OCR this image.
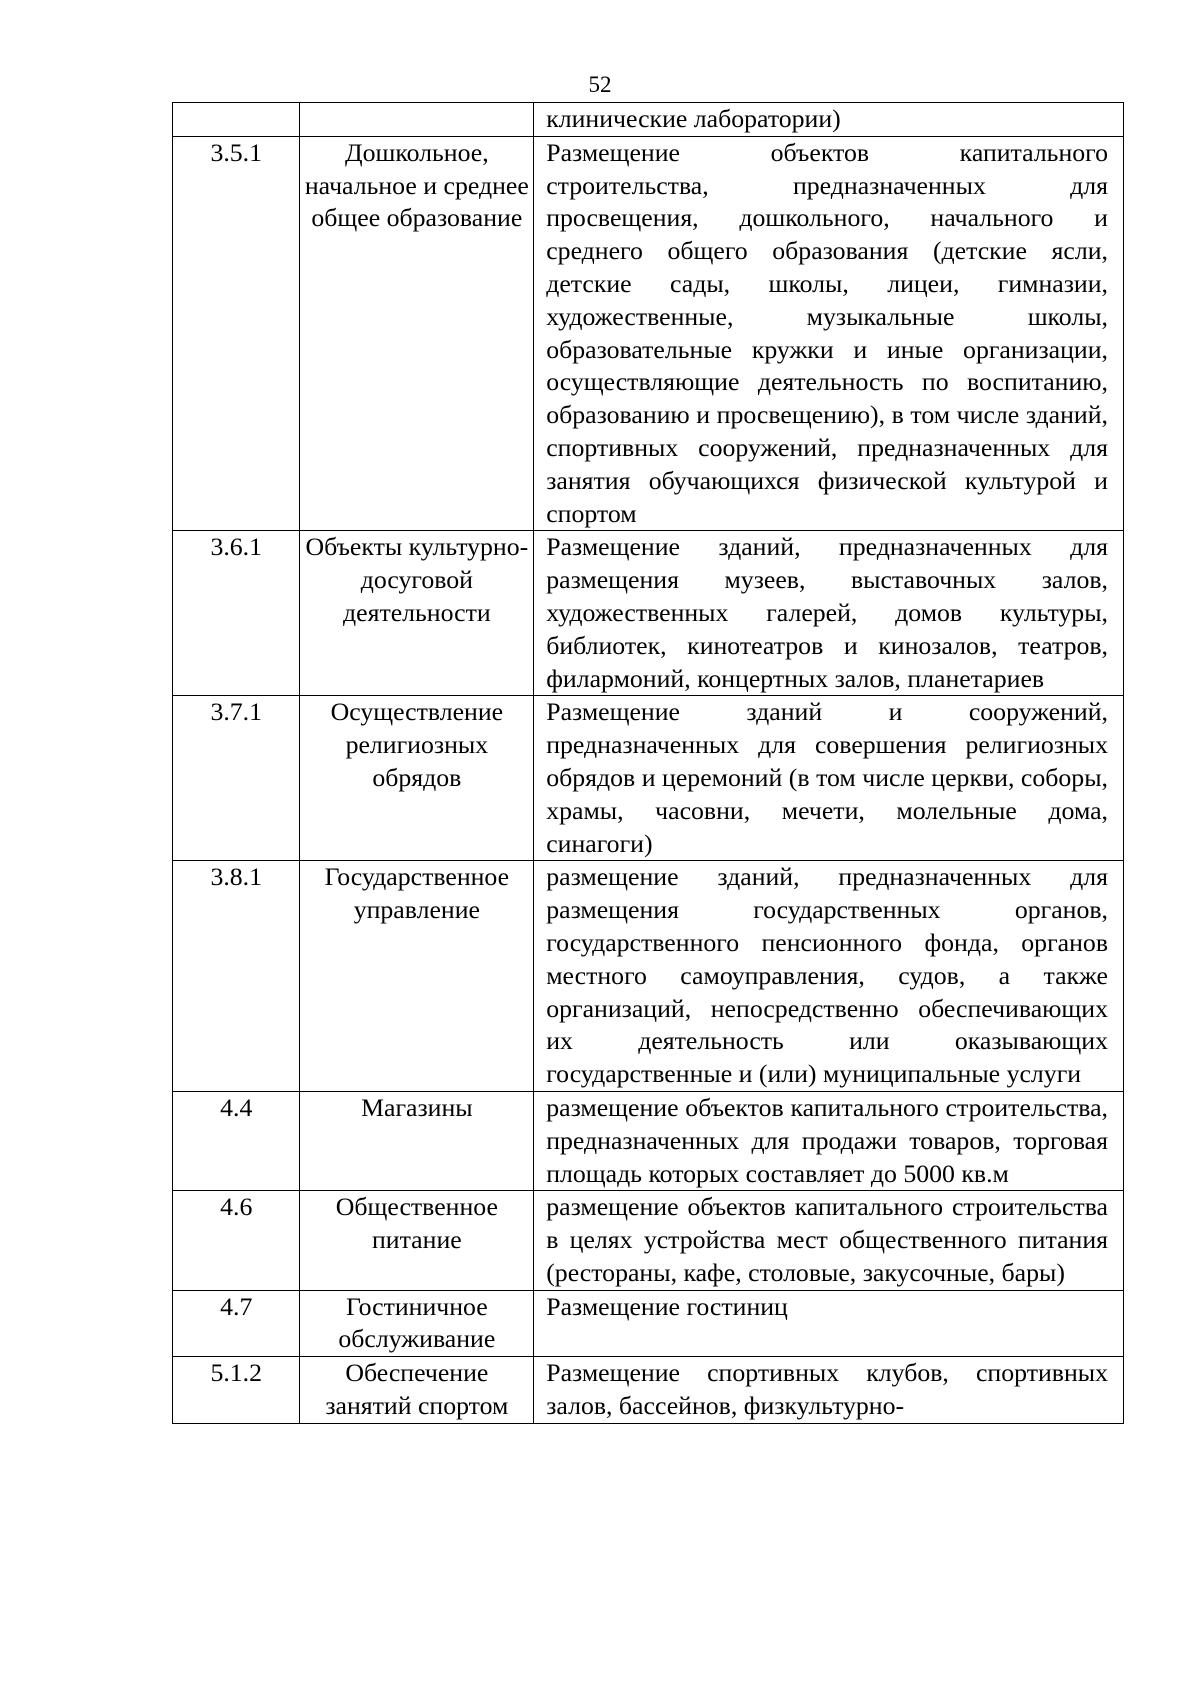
52
		клинические лаборатории)
3.5.1	Дошкольное, начальное и среднее общее образование	Размещение объектов капитального строительства, предназначенных для просвещения, дошкольного, начального и среднего общего образования (детские ясли, детские сады, школы, лицеи, гимназии, художественные, музыкальные школы, образовательные кружки и иные организации, осуществляющие деятельность по воспитанию, образованию и просвещению), в том числе зданий, спортивных сооружений, предназначенных для занятия обучающихся физической культурой и спортом
3.6.1	Объекты культурно-досуговой деятельности	Размещение зданий, предназначенных для размещения музеев, выставочных залов, художественных галерей, домов культуры, библиотек, кинотеатров и кинозалов, театров, филармоний, концертных залов, планетариев
3.7.1	Осуществление религиозных обрядов	Размещение зданий и сооружений, предназначенных для совершения религиозных обрядов и церемоний (в том числе церкви, соборы, храмы, часовни, мечети, молельные дома, синагоги)
3.8.1	Государственное управление	размещение зданий, предназначенных для размещения государственных органов, государственного пенсионного фонда, органов местного самоуправления, судов, а также организаций, непосредственно обеспечивающих их деятельность или оказывающих государственные и (или) муниципальные услуги
4.4	Магазины	размещение объектов капитального строительства, предназначенных для продажи товаров, торговая площадь которых составляет до 5000 кв.м
4.6	Общественное питание	размещение объектов капитального строительства в целях устройства мест общественного питания (рестораны, кафе, столовые, закусочные, бары)
4.7	Гостиничное обслуживание	Размещение гостиниц
5.1.2	Обеспечение занятий спортом	Размещение спортивных клубов, спортивных залов, бассейнов, физкультурно-
